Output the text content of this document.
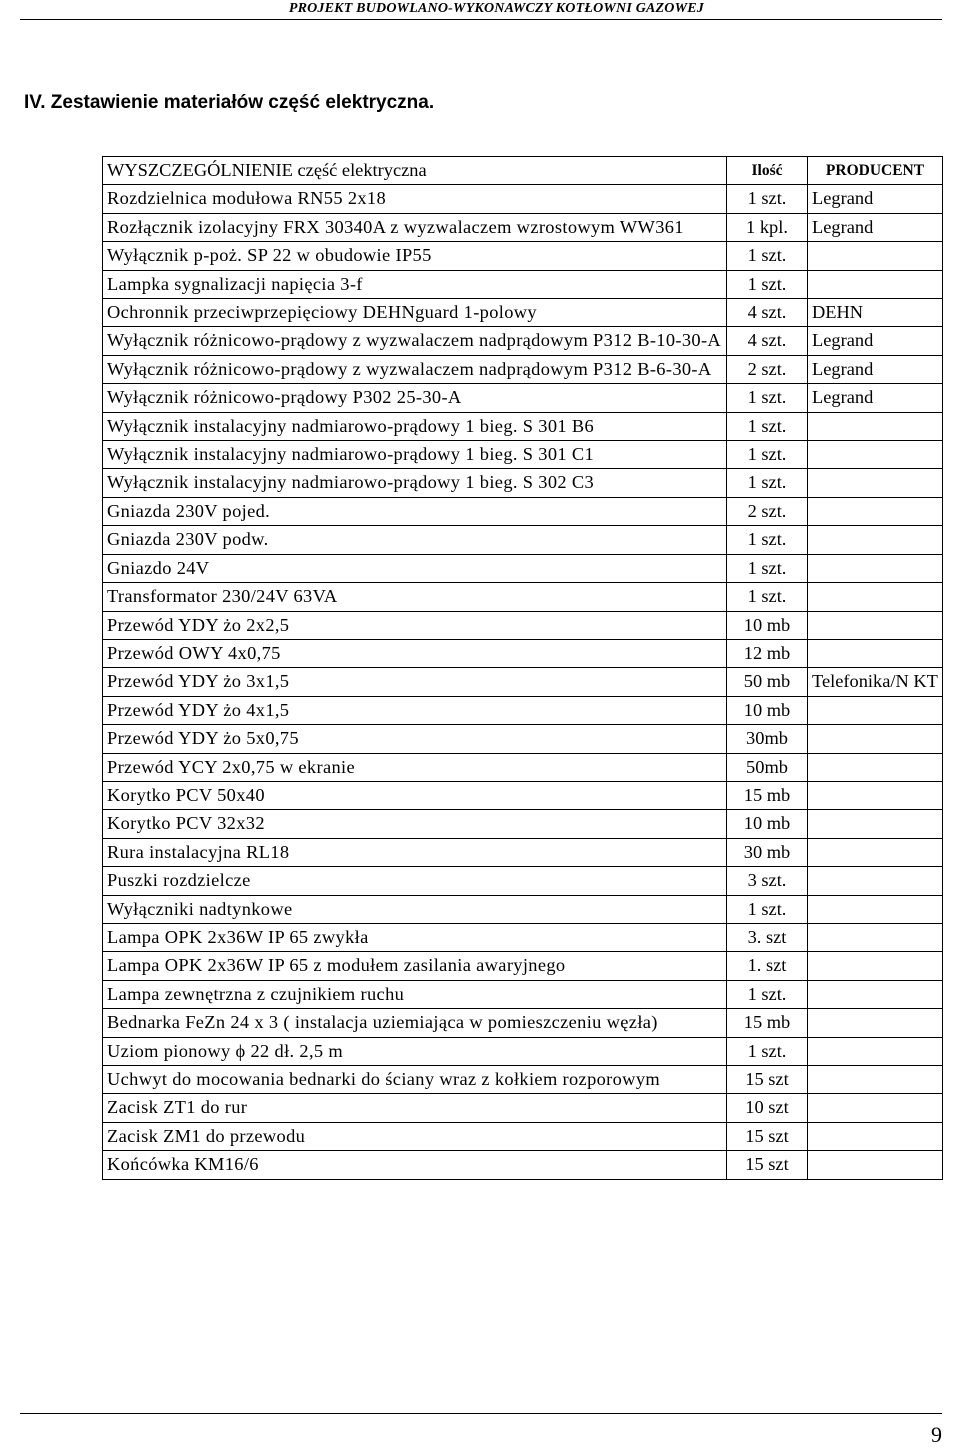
PROJEKT BUDOWLANO-WYKONAWCZY KOTŁOWNI GAZOWEJ
IV. Zestawienie materiałów część elektryczna.
WYSZCZEGÓLNIENIE część elektryczna	Ilość	PRODUCENT
Rozdzielnica modułowa RN55 2x18	1 szt.	Legrand
Rozłącznik izolacyjny FRX 30340A z wyzwalaczem wzrostowym WW361	1 kpl.	Legrand
Wyłącznik p-poż. SP 22 w obudowie IP55	1 szt.	
Lampka sygnalizacji napięcia 3-f	1 szt.	
Ochronnik przeciwprzepięciowy DEHNguard 1-polowy	4 szt.	DEHN
Wyłącznik różnicowo-prądowy z wyzwalaczem nadprądowym P312 B-10-30-A	4 szt.	Legrand
Wyłącznik różnicowo-prądowy z wyzwalaczem nadprądowym P312 B-6-30-A	2 szt.	Legrand
Wyłącznik różnicowo-prądowy P302 25-30-A	1 szt.	Legrand
Wyłącznik instalacyjny nadmiarowo-prądowy 1 bieg. S 301 B6	1 szt.	
Wyłącznik instalacyjny nadmiarowo-prądowy 1 bieg. S 301 C1	1 szt.	
Wyłącznik instalacyjny nadmiarowo-prądowy 1 bieg. S 302 C3	1 szt.	
Gniazda 230V pojed.	2 szt.	
Gniazda 230V podw.	1 szt.	
Gniazdo 24V	1 szt.	
Transformator 230/24V 63VA	1 szt.	
Przewód YDY żo 2x2,5	10 mb	
Przewód OWY 4x0,75	12 mb	
Przewód YDY żo 3x1,5	50 mb	Telefonika/N KT
Przewód YDY żo 4x1,5	10 mb	
Przewód YDY żo 5x0,75	30mb	
Przewód YCY 2x0,75 w ekranie	50mb	
Korytko PCV 50x40	15 mb	
Korytko PCV 32x32	10 mb	
Rura instalacyjna RL18	30 mb	
Puszki rozdzielcze	3 szt.	
Wyłączniki nadtynkowe	1 szt.	
Lampa OPK 2x36W IP 65 zwykła	3. szt	
Lampa OPK 2x36W IP 65 z modułem zasilania awaryjnego	1. szt	
Lampa zewnętrzna z czujnikiem ruchu	1 szt.	
Bednarka FeZn 24 x 3 ( instalacja uziemiająca w pomieszczeniu węzła)	15 mb	
Uziom pionowy ϕ 22 dł. 2,5 m	1 szt.	
Uchwyt do mocowania bednarki do ściany wraz z kołkiem rozporowym	15 szt	
Zacisk ZT1 do rur	10 szt	
Zacisk ZM1 do przewodu	15 szt	
Końcówka KM16/6	15 szt	
9
